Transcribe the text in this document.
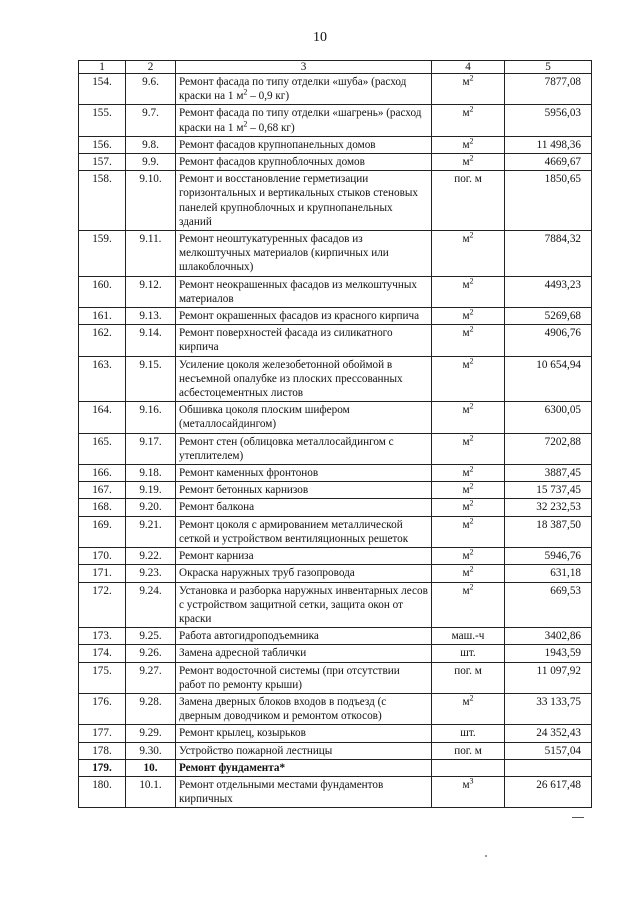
10
1	2	3	4	5
154.	9.6.	Ремонт фасада по типу отделки «шуба» (расход краски на 1 $м^2 - 0,9$ кг)	$м^2$	7877,08
155.	9.7.	Ремонт фасада по типу отделки «шагрень» (расход краски на 1 $м^2 - 0,68$ кг)	$м^2$	5956,03
156.	9.8.	Ремонт фасадов крупнопанельных домов	$м^2$	11 498,36
157.	9.9.	Ремонт фасадов крупноблочных домов	$м^2$	4669,67
158.	9.10.	Ремонт и восстановление герметизации горизонтальных и вертикальных стыков стеновых панелей крупноблочных и крупнопанельных зданий	пог. м	1850,65
159.	9.11.	Ремонт неоштукатуренных фасадов из мелкоштучных материалов (кирпичных или шлакоблочных)	$м^2$	7884,32
160.	9.12.	Ремонт неокрашенных фасадов из мелкоштучных материалов	$м^2$	4493,23
161.	9.13.	Ремонт окрашенных фасадов из красного кирпича	$м^2$	5269,68
162.	9.14.	Ремонт поверхностей фасада из силикатного кирпича	$м^2$	4906,76
163.	9.15.	Усиление цоколя железобетонной обоймой в несъемной опалубке из плоских прессованных асбестоцементных листов	$м^2$	10 654,94
164.	9.16.	Обшивка цоколя плоским шифером (металлосайдингом)	$м^2$	6300,05
165.	9.17.	Ремонт стен (облицовка металлосайдингом с утеплителем)	$м^2$	7202,88
166.	9.18.	Ремонт каменных фронтонов	$м^2$	3887,45
167.	9.19.	Ремонт бетонных карнизов	$м^2$	15 737,45
168.	9.20.	Ремонт балкона	$м^2$	32 232,53
169.	9.21.	Ремонт цоколя с армированием металлической сеткой и устройством вентиляционных решеток	$м^2$	18 387,50
170.	9.22.	Ремонт карниза	$м^2$	5946,76
171.	9.23.	Окраска наружных труб газопровода	$м^2$	631,18
172.	9.24.	Установка и разборка наружных инвентарных лесов с устройством защитной сетки, защита окон от краски	$м^2$	669,53
173.	9.25.	Работа автогидроподъемника	маш.-ч	3402,86
174.	9.26.	Замена адресной таблички	шт.	1943,59
175.	9.27.	Ремонт водосточной системы (при отсутствии работ по ремонту крыши)	пог. м	11 097,92
176.	9.28.	Замена дверных блоков входов в подъезд (с дверным доводчиком и ремонтом откосов)	$м^2$	33 133,75
177.	9.29.	Ремонт крылец, козырьков	шт.	24 352,43
178.	9.30.	Устройство пожарной лестницы	пог. м	5157,04
179.	10.	Ремонт фундамента*		
180.	10.1.	Ремонт отдельными местами фундаментов кирпичных	$м^3$	26 617,48
